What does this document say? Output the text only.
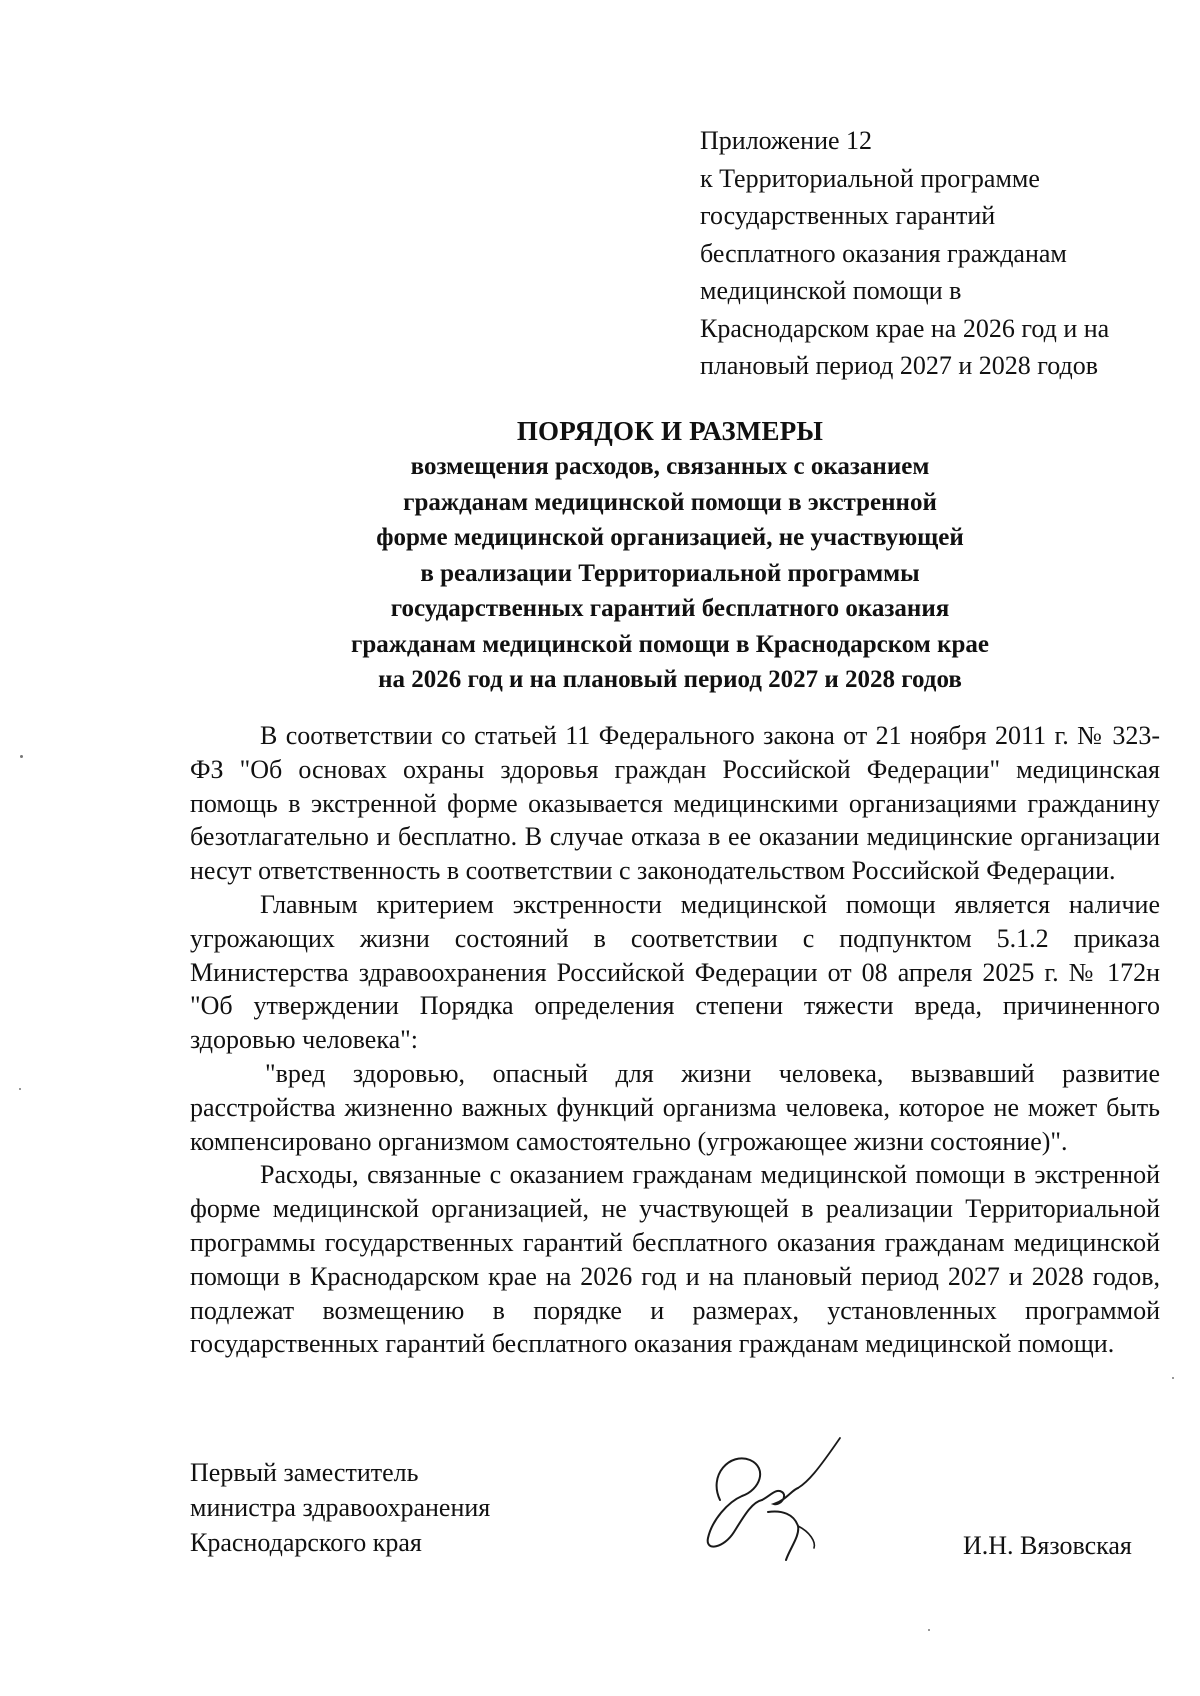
Приложение 12
к Территориальной программе
государственных гарантий
бесплатного оказания гражданам
медицинской помощи в
Краснодарском крае на 2026 год и на
плановый период 2027 и 2028 годов
ПОРЯДОК И РАЗМЕРЫ
возмещения расходов, связанных с оказанием
гражданам медицинской помощи в экстренной
форме медицинской организацией, не участвующей
в реализации Территориальной программы
государственных гарантий бесплатного оказания
гражданам медицинской помощи в Краснодарском крае
на 2026 год и на плановый период 2027 и 2028 годов

В соответствии со статьей 11 Федерального закона от 21 ноября 2011 г. № 323-ФЗ "Об основах охраны здоровья граждан Российской Федерации" медицинская помощь в экстренной форме оказывается медицинскими организациями гражданину безотлагательно и бесплатно. В случае отказа в ее оказании медицинские организации несут ответственность в соответствии с законодательством Российской Федерации.

Главным критерием экстренности медицинской помощи является наличие угрожающих жизни состояний в соответствии с подпунктом 5.1.2 приказа Министерства здравоохранения Российской Федерации от 08 апреля 2025 г. № 172н "Об утверждении Порядка определения степени тяжести вреда, причиненного здоровью человека":

"вред здоровью, опасный для жизни человека, вызвавший развитие расстройства жизненно важных функций организма человека, которое не может быть компенсировано организмом самостоятельно (угрожающее жизни состояние)".

Расходы, связанные с оказанием гражданам медицинской помощи в экстренной форме медицинской организацией, не участвующей в реализации Территориальной программы государственных гарантий бесплатного оказания гражданам медицинской помощи в Краснодарском крае на 2026 год и на плановый период 2027 и 2028 годов, подлежат возмещению в порядке и размерах, установленных программой государственных гарантий бесплатного оказания гражданам медицинской помощи.

Первый заместитель
министра здравоохранения
Краснодарского края	И.Н. Вязовская
